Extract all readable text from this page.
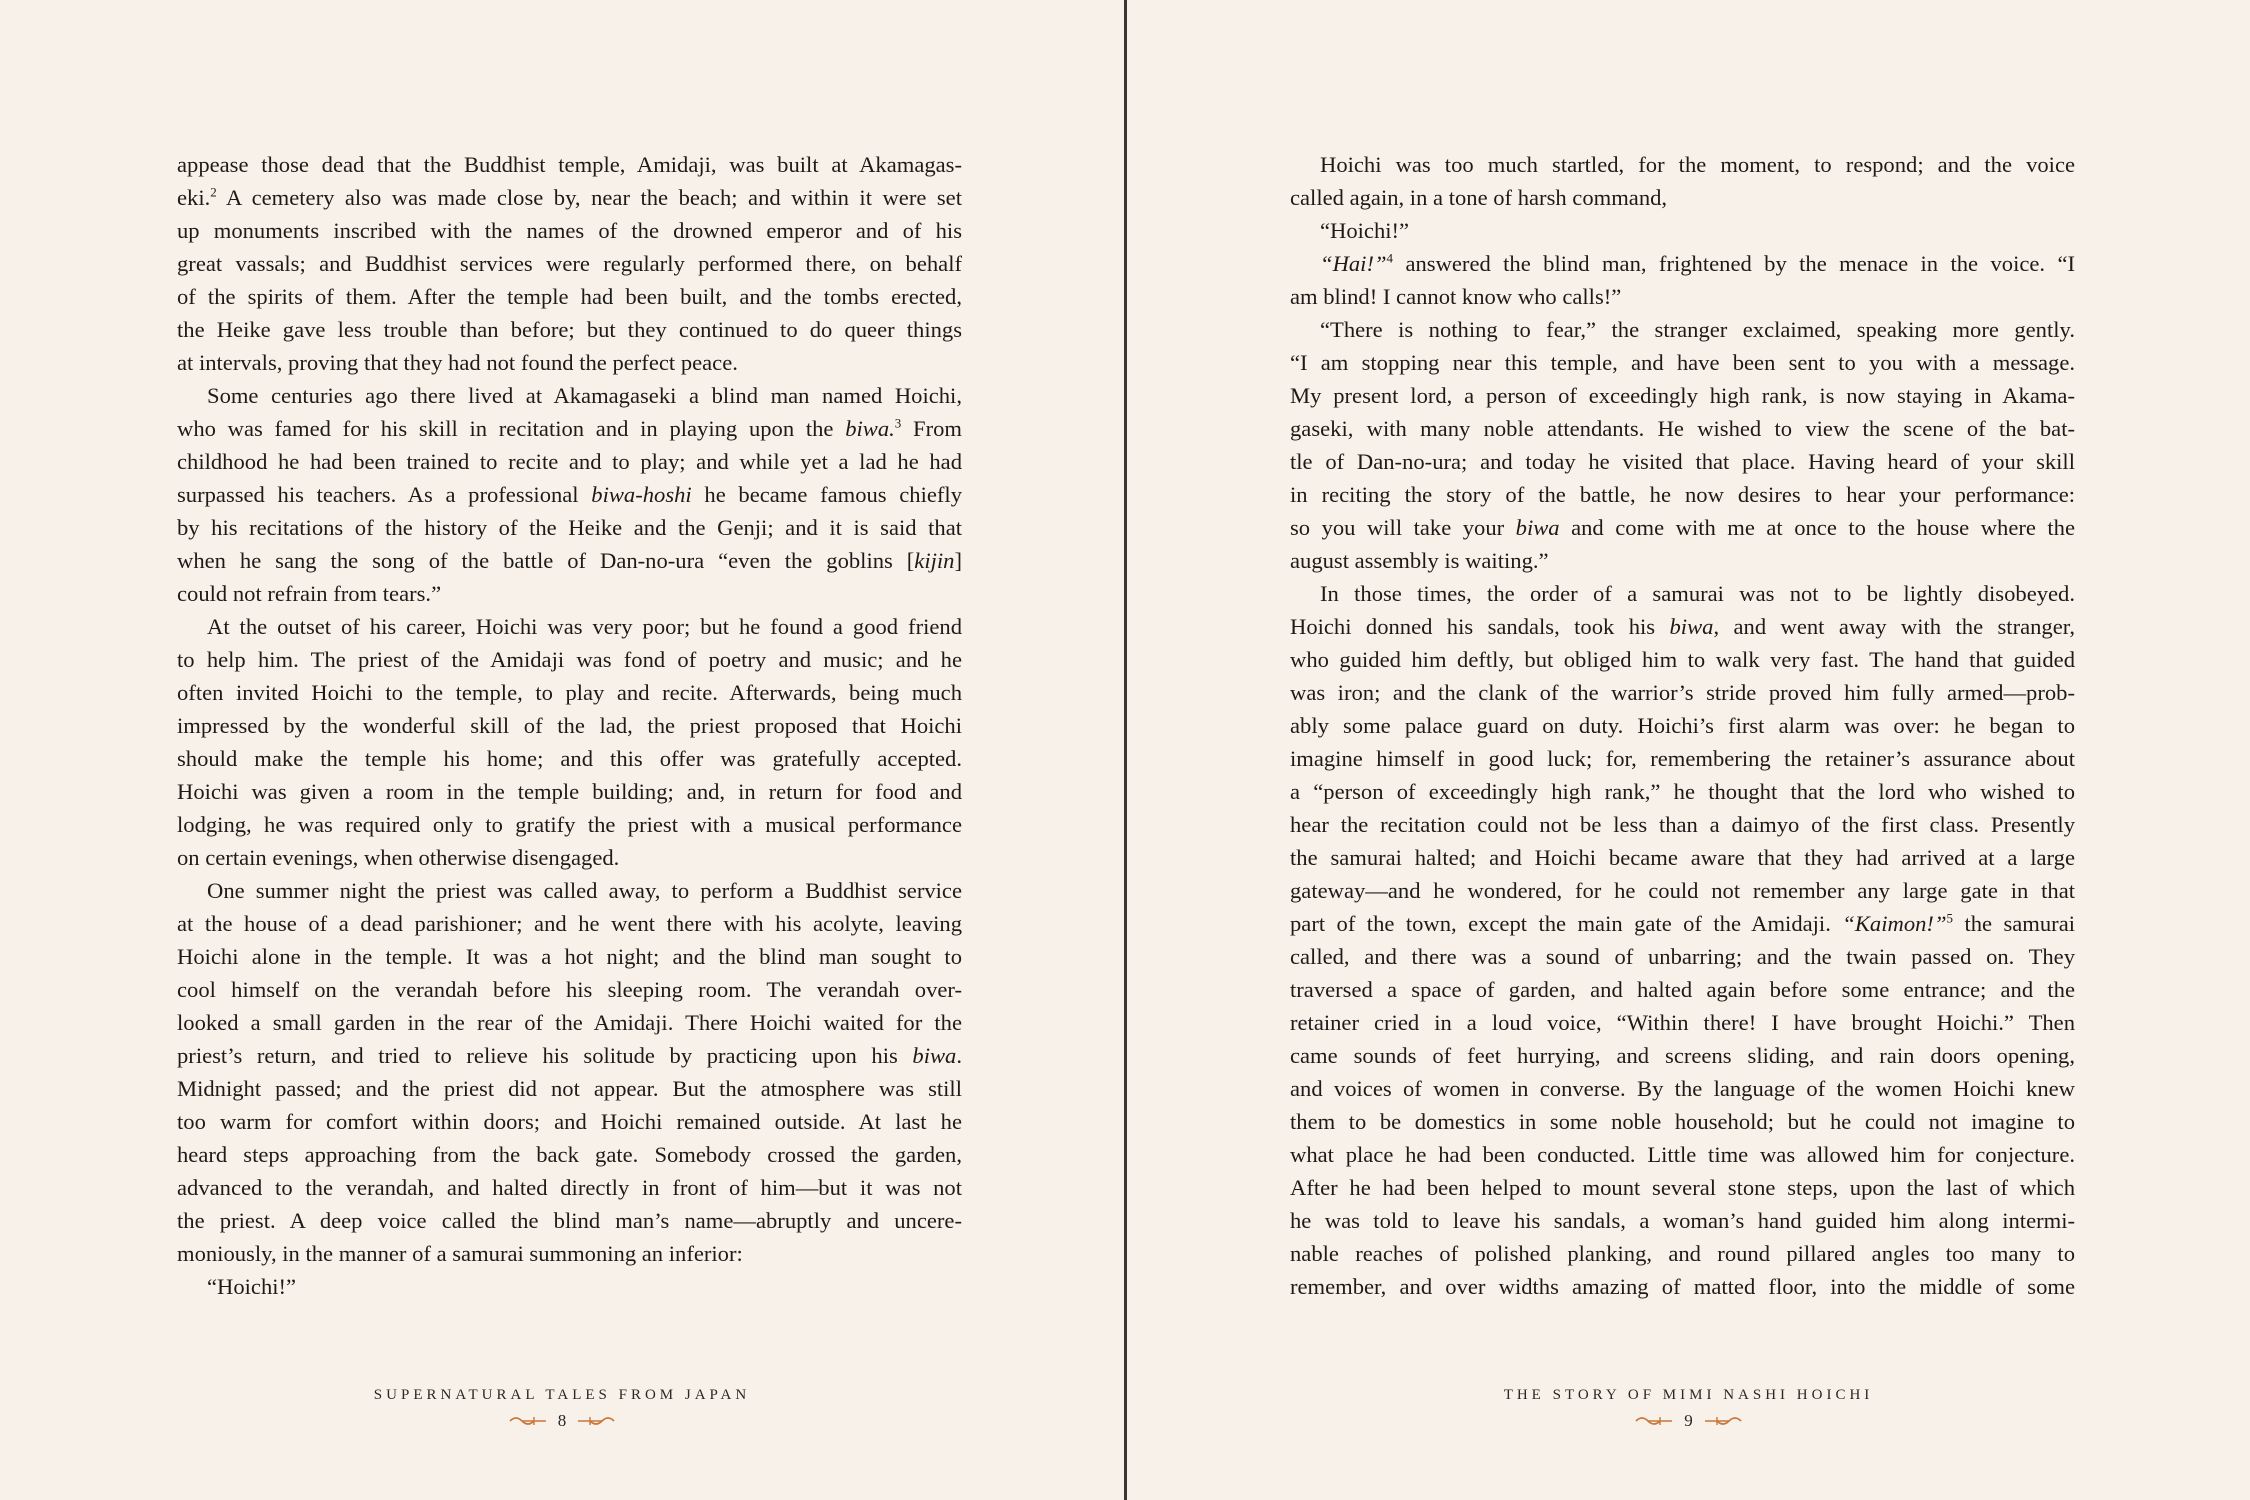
appease those dead that the Buddhist temple, Amidaji, was built at Akamagas-
eki.$^2$ A cemetery also was made close by, near the beach; and within it were set
up monuments inscribed with the names of the drowned emperor and of his
great vassals; and Buddhist services were regularly performed there, on behalf
of the spirits of them. After the temple had been built, and the tombs erected,
the Heike gave less trouble than before; but they continued to do queer things
at intervals, proving that they had not found the perfect peace.
Some centuries ago there lived at Akamagaseki a blind man named Hoichi,
who was famed for his skill in recitation and in playing upon the biwa.$^3$ From
childhood he had been trained to recite and to play; and while yet a lad he had
surpassed his teachers. As a professional biwa-hoshi he became famous chiefly
by his recitations of the history of the Heike and the Genji; and it is said that
when he sang the song of the battle of Dan-no-ura “even the goblins [kijin]
could not refrain from tears.”
At the outset of his career, Hoichi was very poor; but he found a good friend
to help him. The priest of the Amidaji was fond of poetry and music; and he
often invited Hoichi to the temple, to play and recite. Afterwards, being much
impressed by the wonderful skill of the lad, the priest proposed that Hoichi
should make the temple his home; and this offer was gratefully accepted.
Hoichi was given a room in the temple building; and, in return for food and
lodging, he was required only to gratify the priest with a musical performance
on certain evenings, when otherwise disengaged.
One summer night the priest was called away, to perform a Buddhist service
at the house of a dead parishioner; and he went there with his acolyte, leaving
Hoichi alone in the temple. It was a hot night; and the blind man sought to
cool himself on the verandah before his sleeping room. The verandah over-
looked a small garden in the rear of the Amidaji. There Hoichi waited for the
priest’s return, and tried to relieve his solitude by practicing upon his biwa.
Midnight passed; and the priest did not appear. But the atmosphere was still
too warm for comfort within doors; and Hoichi remained outside. At last he
heard steps approaching from the back gate. Somebody crossed the garden,
advanced to the verandah, and halted directly in front of him—but it was not
the priest. A deep voice called the blind man’s name—abruptly and uncere-
moniously, in the manner of a samurai summoning an inferior:
“Hoichi!”
SUPERNATURAL TALES FROM JAPAN
8
Hoichi was too much startled, for the moment, to respond; and the voice
called again, in a tone of harsh command,
“Hoichi!”
“Hai!”$^4$ answered the blind man, frightened by the menace in the voice. “I
am blind! I cannot know who calls!”
“There is nothing to fear,” the stranger exclaimed, speaking more gently.
“I am stopping near this temple, and have been sent to you with a message.
My present lord, a person of exceedingly high rank, is now staying in Akama-
gaseki, with many noble attendants. He wished to view the scene of the bat-
tle of Dan-no-ura; and today he visited that place. Having heard of your skill
in reciting the story of the battle, he now desires to hear your performance:
so you will take your biwa and come with me at once to the house where the
august assembly is waiting.”
In those times, the order of a samurai was not to be lightly disobeyed.
Hoichi donned his sandals, took his biwa, and went away with the stranger,
who guided him deftly, but obliged him to walk very fast. The hand that guided
was iron; and the clank of the warrior’s stride proved him fully armed—prob-
ably some palace guard on duty. Hoichi’s first alarm was over: he began to
imagine himself in good luck; for, remembering the retainer’s assurance about
a “person of exceedingly high rank,” he thought that the lord who wished to
hear the recitation could not be less than a daimyo of the first class. Presently
the samurai halted; and Hoichi became aware that they had arrived at a large
gateway—and he wondered, for he could not remember any large gate in that
part of the town, except the main gate of the Amidaji. “Kaimon!”$^5$ the samurai
called, and there was a sound of unbarring; and the twain passed on. They
traversed a space of garden, and halted again before some entrance; and the
retainer cried in a loud voice, “Within there! I have brought Hoichi.” Then
came sounds of feet hurrying, and screens sliding, and rain doors opening,
and voices of women in converse. By the language of the women Hoichi knew
them to be domestics in some noble household; but he could not imagine to
what place he had been conducted. Little time was allowed him for conjecture.
After he had been helped to mount several stone steps, upon the last of which
he was told to leave his sandals, a woman’s hand guided him along intermi-
nable reaches of polished planking, and round pillared angles too many to
remember, and over widths amazing of matted floor, into the middle of some
THE STORY OF MIMI NASHI HOICHI
9
